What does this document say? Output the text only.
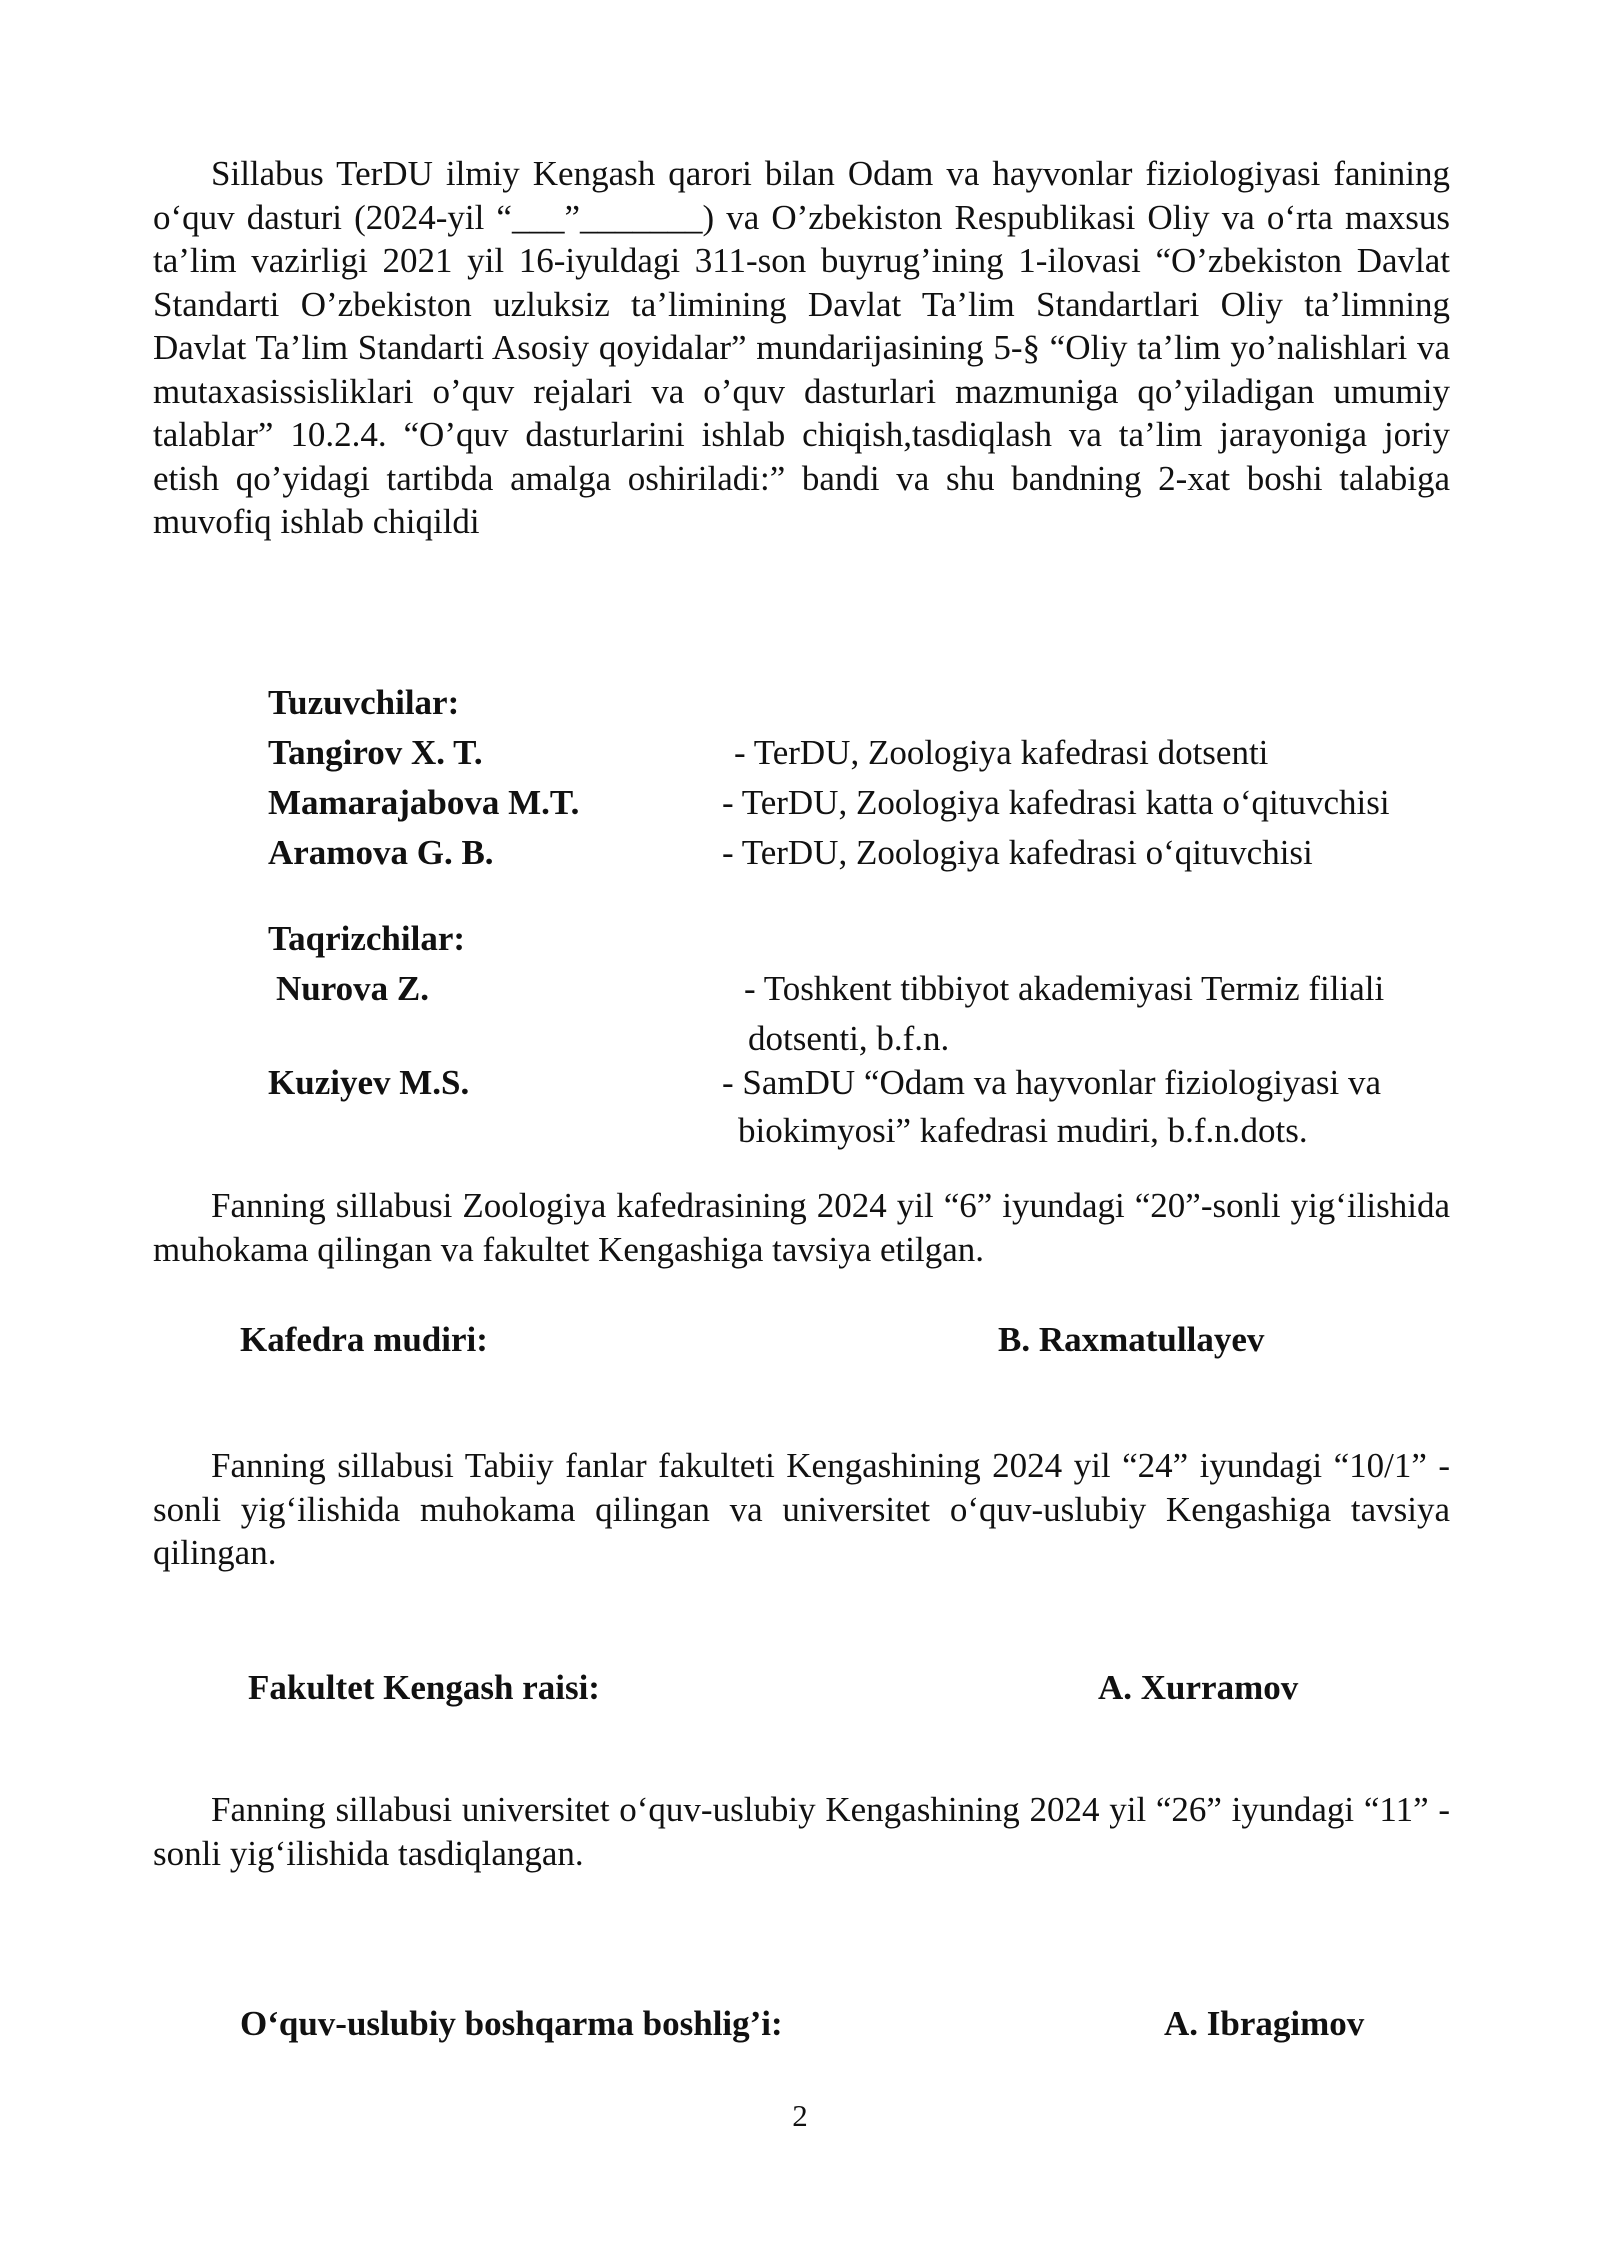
Sillabus TerDU ilmiy Kengash qarori bilan Odam va hayvonlar fiziologiyasi fanining o‘quv dasturi (2024-yil “___”_______) va O’zbekiston Respublikasi Oliy va o‘rta maxsus ta’lim vazirligi 2021 yil 16-iyuldagi 311-son buyrug’ining 1-ilovasi “O’zbekiston Davlat Standarti O’zbekiston uzluksiz ta’limining Davlat Ta’lim Standartlari Oliy ta’limning Davlat Ta’lim Standarti Asosiy qoyidalar” mundarijasining 5-§ “Oliy ta’lim yo’nalishlari va mutaxasissisliklari o’quv rejalari va o’quv dasturlari mazmuniga qo’yiladigan umumiy talablar” 10.2.4. “O’quv dasturlarini ishlab chiqish,tasdiqlash va ta’lim jarayoniga joriy etish qo’yidagi tartibda amalga oshiriladi:” bandi va shu bandning 2-xat boshi talabiga muvofiq ishlab chiqildi

Tuzuvchilar:
Tangirov X. T.	- TerDU, Zoologiya kafedrasi dotsenti
Mamarajabova M.T.	- TerDU, Zoologiya kafedrasi katta o‘qituvchisi
Aramova G. B.	- TerDU, Zoologiya kafedrasi o‘qituvchisi
Taqrizchilar:
Nurova Z.	- Toshkent tibbiyot akademiyasi Termiz filiali
dotsenti, b.f.n.
Kuziyev M.S.	- SamDU “Odam va hayvonlar fiziologiyasi va
biokimyosi” kafedrasi mudiri, b.f.n.dots.

Fanning sillabusi Zoologiya kafedrasining 2024 yil “6” iyundagi “20”-sonli yig‘ilishida muhokama qilingan va fakultet Kengashiga tavsiya etilgan.

Kafedra mudiri:	B. Raxmatullayev

Fanning sillabusi Tabiiy fanlar fakulteti Kengashining 2024 yil “24” iyundagi “10/1” -sonli yig‘ilishida muhokama qilingan va universitet o‘quv-uslubiy Kengashiga tavsiya qilingan.

Fakultet Kengash raisi:	A. Xurramov

Fanning sillabusi universitet o‘quv-uslubiy Kengashining 2024 yil “26” iyundagi “11” -sonli yig‘ilishida tasdiqlangan.

O‘quv-uslubiy boshqarma boshlig’i:	A. Ibragimov
2
